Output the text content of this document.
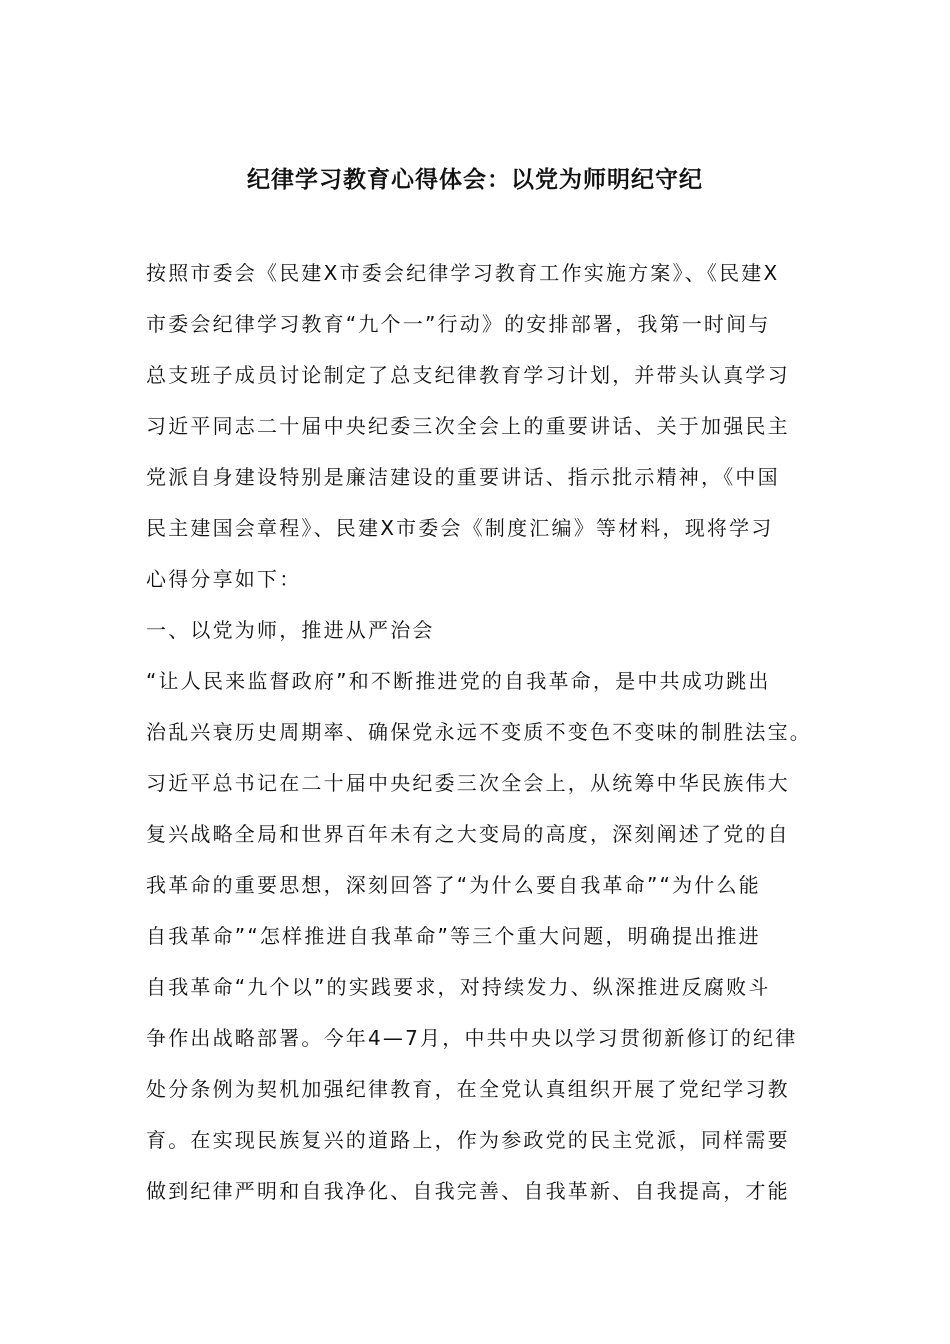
纪律学习教育心得体会：以党为师明纪守纪
按照市委会《民建X市委会纪律学习教育工作实施方案》、《民建X
市委会纪律学习教育“九个一”行动》的安排部署，我第一时间与
总支班子成员讨论制定了总支纪律教育学习计划，并带头认真学习
习近平同志二十届中央纪委三次全会上的重要讲话、关于加强民主
党派自身建设特别是廉洁建设的重要讲话、指示批示精神，《中国
民主建国会章程》、民建X市委会《制度汇编》等材料，现将学习
心得分享如下：
一、以党为师，推进从严治会
“让人民来监督政府”和不断推进党的自我革命，是中共成功跳出
治乱兴衰历史周期率、确保党永远不变质不变色不变味的制胜法宝。
习近平总书记在二十届中央纪委三次全会上，从统筹中华民族伟大
复兴战略全局和世界百年未有之大变局的高度，深刻阐述了党的自
我革命的重要思想，深刻回答了“为什么要自我革命”“为什么能
自我革命”“怎样推进自我革命”等三个重大问题，明确提出推进
自我革命“九个以”的实践要求，对持续发力、纵深推进反腐败斗
争作出战略部署。今年4—7月，中共中央以学习贯彻新修订的纪律
处分条例为契机加强纪律教育，在全党认真组织开展了党纪学习教
育。在实现民族复兴的道路上，作为参政党的民主党派，同样需要
做到纪律严明和自我净化、自我完善、自我革新、自我提高，才能
